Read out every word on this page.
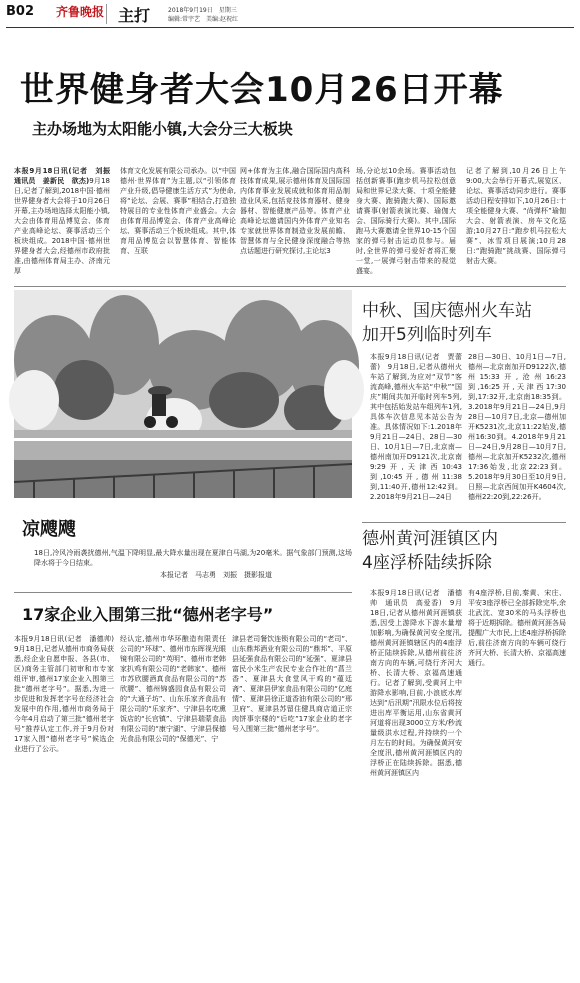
B02 齐鲁晚报 主打	2018年9月19日　星期三
编辑:常宇艺　美编:赵祝红
世界健身者大会10月26日开幕
主办场地为太阳能小镇,大会分三大板块
本报9月18日讯(记者　刘振　通讯员　姜新民　欲杰)9月18日,记者了解到,2018中国·德州世界健身者大会将于10月26日开幕,主办场地选择太阳能小镇,大会由体育用品博览会、体育产业高峰论坛、赛事活动三个板块组成。2018中国·德州世界健身者大会,经德州市政府批准,由德州体育局主办、济南元厚
体育文化发展有限公司承办。以“中国德州·世界体育”为主题,以“引领体育产业升级,倡导健康生活方式”为使命,将“论坛、会展、赛事”相结合,打造独特展目的专业性体育产业盛会。大会由体育用品博览会、体育产业高峰论坛、赛事活动三个板块组成。其中,体育用品博览会以智慧体育、智能体育、互联
网+体育为主体,融合国际国内高科技体育成果,展示德州体育及国际国内体育事业发展成就和体育用品制造业风采,包括竞技体育器材、健身器材、智能健康产品等。体育产业高峰论坛邀请国内外体育产业知名专家就世界体育制造业发展前瞻、智慧体育与全民健身深度融合等热点话题进行研究探讨,主论坛3
场,分论坛10余场。赛事活动包括创新赛事(跑步机马拉松创意局和世界记录大赛、十项全能健身大赛、跑骑跑大赛)、国际邀请赛事(射箭表演比赛、瑜伽大会、国际骑行大赛)。其中,国际跑马大赛邀请全世界10-15个国家的弹弓射击运动员参与。届时,全世界的弹弓爱好者将汇聚一堂,一展弹弓射击带来的视觉盛宴。
记者了解到,10月26日上午9:00,大会举行开幕式,展览区、论坛、赛事活动同步进行。赛事活动日程安排如下,10月26日:十项全能健身大赛、“尚弹杯”瑜伽大会、射箭表演、房车文化巡游;10月27日:“跑步机马拉松大赛”、冰雪项目展演;10月28日:“跑骑跑”挑战赛、国际弹弓射击大赛。
凉飕飕
18日,冷风冷雨袭扰德州,气温下降明显,最大降水量出现在夏津白马湖,为20毫米。据气象部门预测,这场降水将于今日结束。
本报记者　马志勇　刘振　摄影报道
中秋、国庆德州火车站
加开5列临时列车
本报9月18日讯(记者　贾蕾蕾)　9月18日,记者从德州火车站了解到,为应对“双节”客流高峰,德州火车站“中秋”“国庆”期间共加开临时列车5列,其中包括始发站车组列车1列,具体车次信息见本站公告为准。具体情况如下:1.2018年9月21日—24日、28日—30日、10月1日—7日,北京南—德州南加开D9121次,北京南9:29开,天津西10:43到,10:45开,德州11:38到,11:40开,德州12:42到。2.2018年9月21日—24日
28日—30日、10月1日—7日,德州—北京南加开D9122次,德州15:33开,沧州16:23到,16:25开,天津西17:30到,17:32开,北京南18:35到。3.2018年9月21日—24日,9月28日—10月7日,北京—德州加开K5231次,北京11:22始发,德州16:30到。4.2018年9月21日—24日,9月28日—10月7日,德州—北京加开K5232次,德州17:36始发,北京22:23到。5.2018年9月30日至10月9日,日照—北京西间加开K4604次,德州22:20到,22:26开。
德州黄河涯镇区内
4座浮桥陆续拆除
本报9月18日讯(记者　潘德帅　通讯员　高爱香)　9月18日,记者从德州黄河涯镇获悉,因受上游降水下游水量增加影响,为确保黄河安全度汛,德州黄河涯镇辖区内的4座浮桥正陆续拆除,从德州前往济南方向的车辆,可绕行齐河大桥、长清大桥、京福高速通行。记者了解到,受黄河上中游降水影响,目前,小浪底水库达到“后汛期”汛限水位后将按进出库平衡运用,山东省黄河河道将出现3000立方米/秒流量级洪水过程,并持续约一个月左右的时间。为确保黄河安全度汛,德州黄河涯镇区内的浮桥正在陆续拆除。据悉,德州黄河涯镇区内
有4座浮桥,目前,秦黄、宋庄、平安3座浮桥已全部拆除完毕,余北武沈、宽30米的马头浮桥也将于近期拆除。德州黄河涯各局提醒广大市民,上述4座浮桥拆除后,前往济南方向的车辆可绕行齐河大桥、长清大桥、京福高速通行。
17家企业入围第三批“德州老字号”
本报9月18日讯(记者　潘德帅)　9月18日,记者从德州市商务局获悉,经企业自愿申报、各县(市、区)商务主管部门初审和市专家组评审,德州17家企业入围第三批“德州老字号”。据悉,为进一步促进和发挥老字号在经济社会发展中的作用,德州市商务局于今年4月启动了第三批“德州老字号”推荐认定工作,并于9月份对17家入围“德州老字号”候选企业进行了公示。
经认定,德州市华环酿造有限责任公司的“环球”、德州市东晖视光眼镜有限公司的“英明”、德州市老韩家扒鸡有限公司的“老韩家”、德州市苏欣腰酒真食品有限公司的“苏欣腰”、德州锦盛园食品有限公司的“大通子坊”、山东乐家齐食品有限公司的“乐家齐”、宁津县名吃熏饭店的“长官镇”、宁津县瑞蒙食品有限公司的“康宁湖”、宁津县保德光食品有限公司的“保德光”、宁
津县老司餐饮连锁有限公司的“老司”、山东鼎邦酒业有限公司的“鼎邦”、平原县延强食品有限公司的“延强”、夏津县富民小米生产农民专业合作社的“菖兰香”、夏津县大食堂风干鸡的“蕴廷斋”、夏津县伊家食品有限公司的“亿庭情”、夏津县徐正道香油有限公司的“邢卫府”、夏津县苏留住健具商店道正宗肉饼事宗楼的“后吃”17家企业的老字号入围第三批“德州老字号”。
